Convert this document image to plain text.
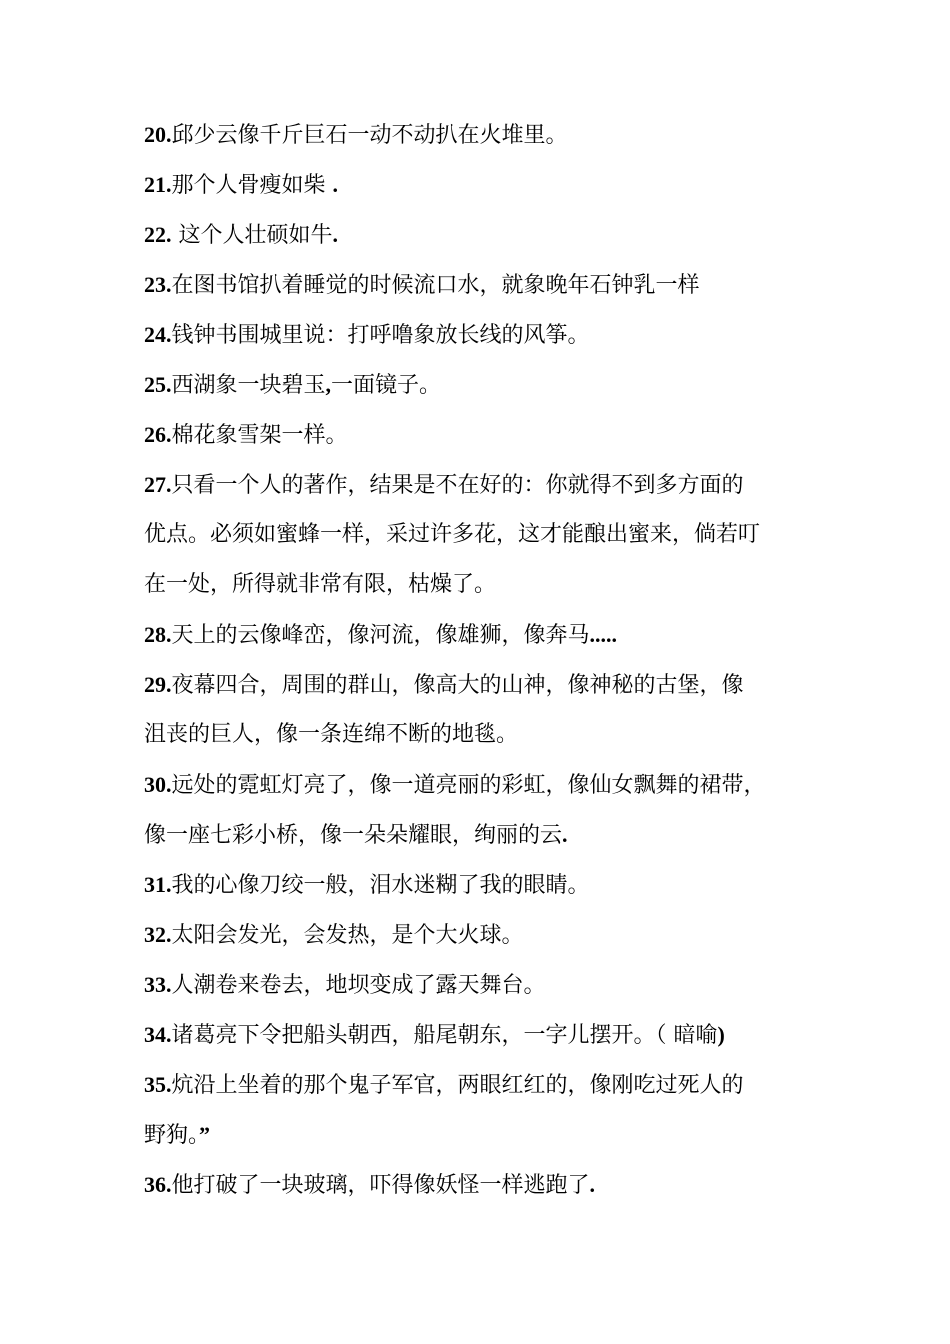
20.邱少云像千斤巨石一动不动扒在火堆里。
21.那个人骨瘦如柴 .
22. 这个人壮硕如牛.
23.在图书馆扒着睡觉的时候流口水，就象晚年石钟乳一样
24.钱钟书围城里说：打呼噜象放长线的风筝。
25.西湖象一块碧玉,一面镜子。
26.棉花象雪架一样。
27.只看一个人的著作，结果是不在好的：你就得不到多方面的
优点。必须如蜜蜂一样，采过许多花，这才能酿出蜜来，倘若叮
在一处，所得就非常有限，枯燥了。
28.天上的云像峰峦，像河流，像雄狮，像奔马.....
29.夜幕四合，周围的群山，像高大的山神，像神秘的古堡，像
沮丧的巨人，像一条连绵不断的地毯。
30.远处的霓虹灯亮了，像一道亮丽的彩虹，像仙女飘舞的裙带，
像一座七彩小桥，像一朵朵耀眼，绚丽的云.
31.我的心像刀绞一般，泪水迷糊了我的眼睛。
32.太阳会发光，会发热，是个大火球。
33.人潮卷来卷去，地坝变成了露天舞台。
34.诸葛亮下令把船头朝西，船尾朝东，一字儿摆开。（ 暗喻)
35.炕沿上坐着的那个鬼子军官，两眼红红的，像刚吃过死人的
野狗。”
36.他打破了一块玻璃，吓得像妖怪一样逃跑了.
